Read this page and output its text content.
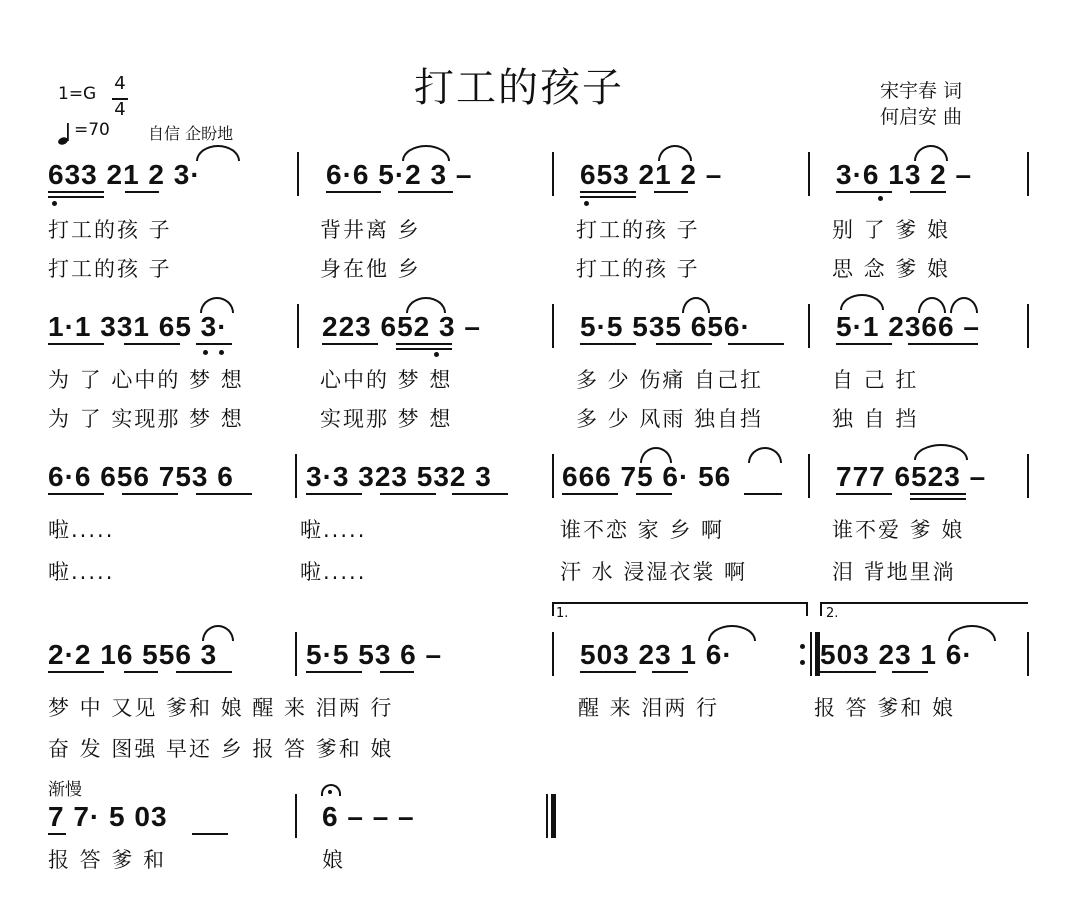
打工的孩子	宋宇春 词
何启安 曲
1=G 4
4
=70 自信 企盼地
633 21 2 3·	6·6 5·2 3 –	653 21 2 –	3·6 13 2 –
打工的孩 子	背井离 乡	打工的孩 子	别 了 爹 娘
打工的孩 子	身在他 乡	打工的孩 子	思 念 爹 娘
1·1 331 65 3·	223 652 3 –	5·5 535 656·	5·1 2366 –
为 了 心中的 梦 想	心中的 梦 想	多 少 伤痛 自己扛	自 己 扛
为 了 实现那 梦 想	实现那 梦 想	多 少 风雨 独自挡	独 自 挡
6·6 656 753 6	3·3 323 532 3	666 75 6· 56	777 6523 –
啦.....	啦.....	谁不恋 家 乡 啊	谁不爱 爹 娘
啦.....	啦.....	汗 水 浸湿衣裳 啊	泪 背地里淌
1.	2.
2·2 16 556 3	5·5 53 6 –	503 23 1 6·	503 23 1 6·
梦 中 又见 爹和 娘 醒 来 泪两 行	醒 来 泪两 行	报 答 爹和 娘
奋 发 图强 早还 乡 报 答 爹和 娘
渐慢
7 7· 5 03	6 – – –
报 答 爹 和	娘
